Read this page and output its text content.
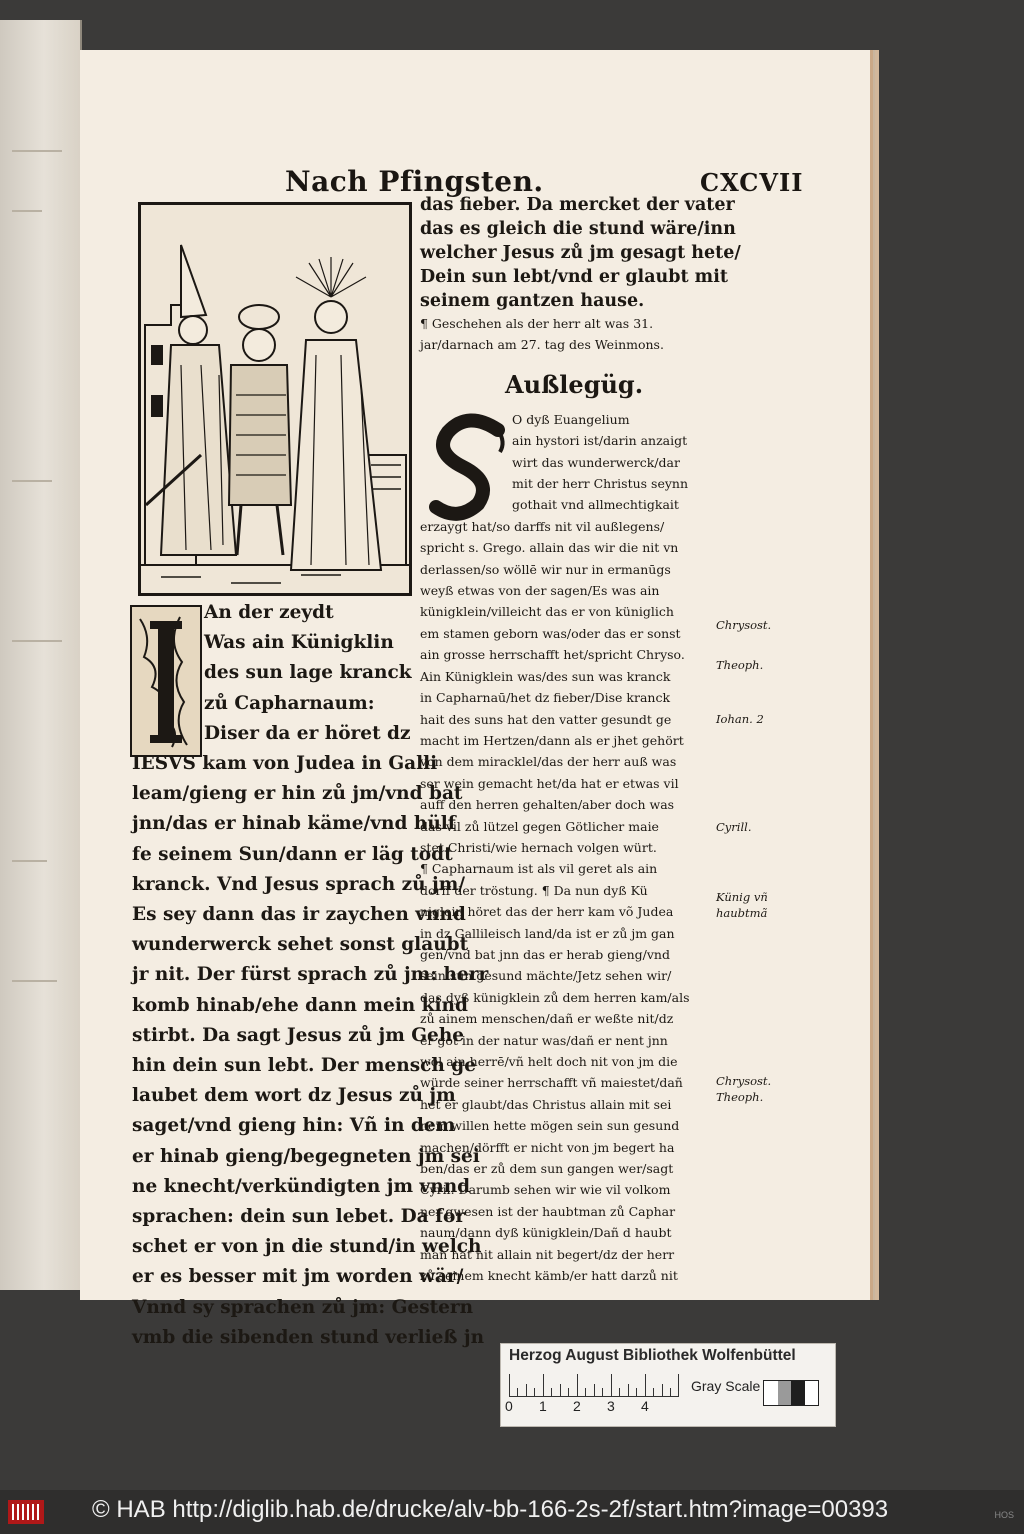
Nach Pfingsten.	CXCVII
An der zeydt
Was ain Künigklin
des sun lage kranck
zů Capharnaum:
Diser da er höret dz
IESVS kam von Judea in Galli
leam/gieng er hin zů jm/vnd bat
jnn/das er hinab käme/vnd hülf
fe seinem Sun/dann er läg todt
kranck. Vnd Jesus sprach zů jm/
Es sey dann das ir zaychen vnnd
wunderwerck sehet sonst glaubt
jr nit. Der fürst sprach zů jm: herr
komb hinab/ehe dann mein kind
stirbt. Da sagt Jesus zů jm Gehe
hin dein sun lebt. Der mensch ge
laubet dem wort dz Jesus zů jm
saget/vnd gieng hin: Vñ in dem
er hinab gieng/begegneten jm sei
ne knecht/verkündigten jm vnnd
sprachen: dein sun lebet. Da for
schet er von jn die stund/in welch
er es besser mit jm worden wär/
Vnnd sy sprachen zů jm: Gestern
vmb die sibenden stund verließ jn
das fieber. Da mercket der vater
das es gleich die stund wäre/inn
welcher Jesus zů jm gesagt hete/
Dein sun lebt/vnd er glaubt mit
seinem gantzen hause.
¶ Geschehen als der herr alt was 31.
jar/darnach am 27. tag des Weinmons.
Außlegüg.
O dyß Euangelium
ain hystori ist/darin anzaigt
wirt das wunderwerck/dar
mit der herr Christus seynn
gothait vnd allmechtigkait
erzaygt hat/so darffs nit vil außlegens/
spricht s. Grego. allain das wir die nit vn
derlassen/so wöllē wir nur in ermanūgs
weyß etwas von der sagen/Es was ain
künigklein/villeicht das er von küniglich
em stamen geborn was/oder das er sonst
ain grosse herrschafft het/spricht Chryso.
Ain Künigklein was/des sun was kranck
in Capharnaū/het dz fieber/Dise kranck
hait des suns hat den vatter gesundt ge
macht im Hertzen/dann als er jhet gehört
von dem miracklel/das der herr auß was
ser wein gemacht het/da hat er etwas vil
auff den herren gehalten/aber doch was
das vil zů lützel gegen Götlicher maie
stet Christi/wie hernach volgen würt.
¶ Capharnaum ist als vil geret als ain
dorff der tröstung. ¶ Da nun dyß Kü
niglein höret das der herr kam võ Judea
in dz Gallileisch land/da ist er zů jm gan
gen/vnd bat jnn das er herab gieng/vnd
sein sun gesund mächte/Jetz sehen wir/
das dyß künigklein zů dem herren kam/als
zů ainem menschen/dañ er weßte nit/dz
er got in der natur was/dañ er nent jnn
wol ain herrē/vñ helt doch nit von jm die
würde seiner herrschafft vñ maiestet/dañ
het er glaubt/das Christus allain mit sei
nem willen hette mögen sein sun gesund
machen/dörfft er nicht von jm begert ha
ben/das er zů dem sun gangen wer/sagt
Cyril. Darumb sehen wir wie vil volkom
ner gwesen ist der haubtman zů Caphar
naum/dann dyß künigklein/Dañ d haubt
man hat nit allain nit begert/dz der herr
zů seinem knecht kämb/er hatt darzů nit
Chrysost.
Theoph.
Iohan. 2
Cyrill.
Künig vñ
haubtmã
Chrysost.
Theoph.
Herzog August Bibliothek Wolfenbüttel
0 1 2 3 4
Gray Scale
© HAB http://diglib.hab.de/drucke/alv-bb-166-2s-2f/start.htm?image=00393	HOS
